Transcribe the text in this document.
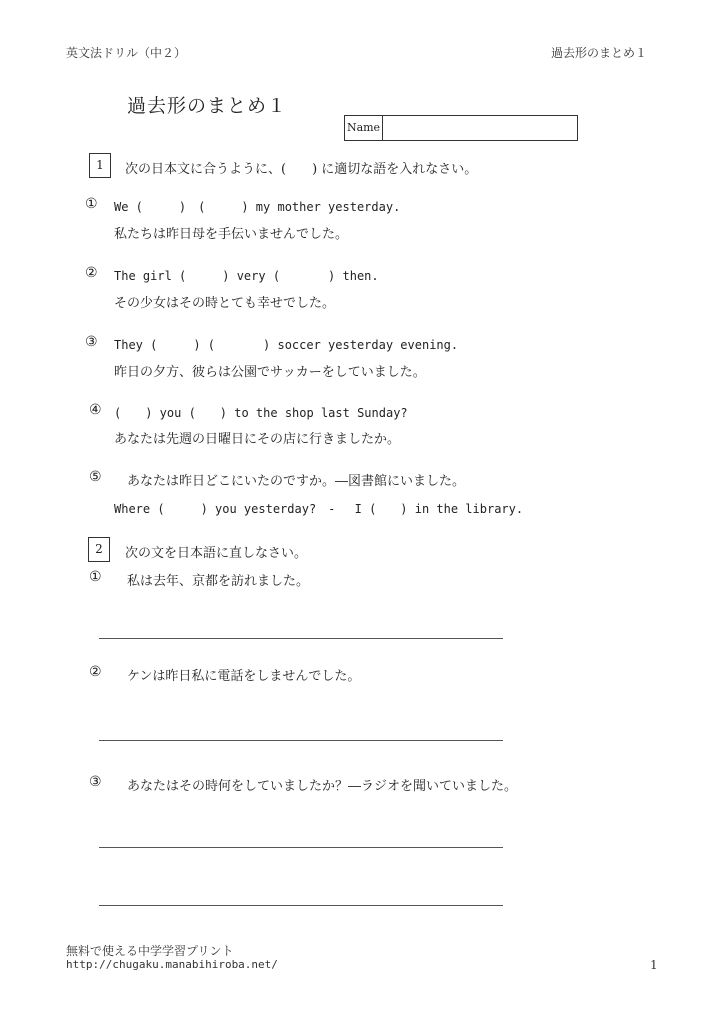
英文法ドリル（中２）	過去形のまとめ１
過去形のまとめ１
Name
1	次の日本文に合うように、(　　) に適切な語を入れなさい。
① We (　　　)　(　　　) my mother yesterday.
私たちは昨日母を手伝いませんでした。
② The girl (　　　) very (　　　　) then.
その少女はその時とても幸せでした。
③ They (　　　) (　　　　) soccer yesterday evening.
昨日の夕方、彼らは公園でサッカーをしていました。
④ (　　) you (　　) to the shop last Sunday?
あなたは先週の日曜日にその店に行きましたか。
⑤ あなたは昨日どこにいたのですか。―図書館にいました。
Where (　　　) you yesterday?　-　 I (　　) in the library.
2	次の文を日本語に直しなさい。
① 私は去年、京都を訪れました。
② ケンは昨日私に電話をしませんでした。
③ あなたはその時何をしていましたか？―ラジオを聞いていました。
無料で使える中学学習プリント
http://chugaku.manabihiroba.net/	1
